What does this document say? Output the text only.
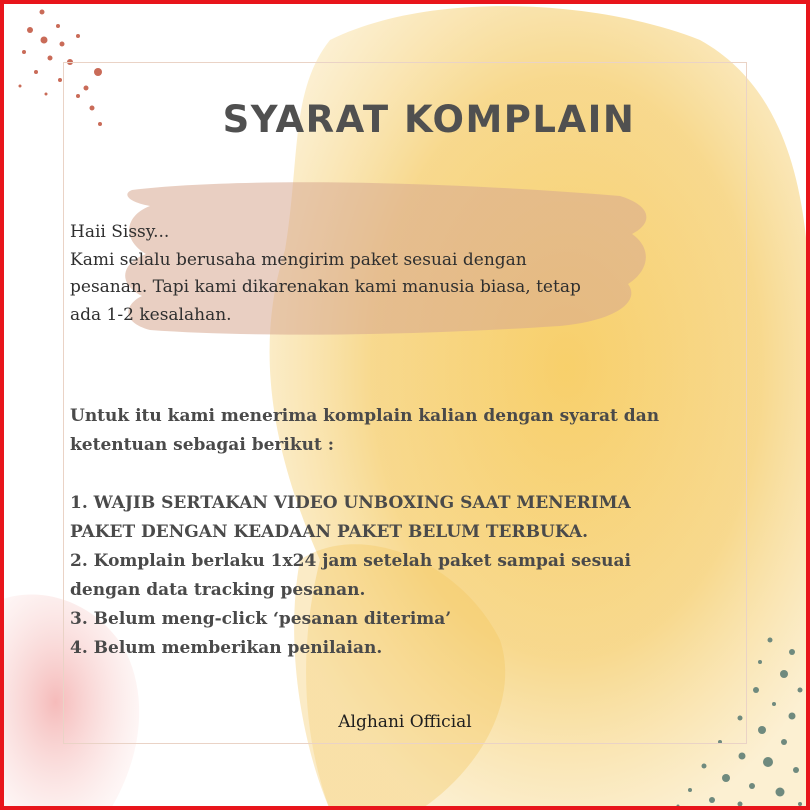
SYARAT KOMPLAIN
Haii Sissy...
Kami selalu berusaha mengirim paket sesuai dengan
pesanan. Tapi kami dikarenakan kami manusia biasa, tetap
ada 1-2 kesalahan.
Untuk itu kami menerima komplain kalian dengan syarat dan
ketentuan sebagai berikut :
1. WAJIB SERTAKAN VIDEO UNBOXING SAAT MENERIMA
PAKET DENGAN KEADAAN PAKET BELUM TERBUKA.
2. Komplain berlaku 1x24 jam setelah paket sampai sesuai
dengan data tracking pesanan.
3. Belum meng-click ‘pesanan diterima’
4. Belum memberikan penilaian.
Alghani Official
